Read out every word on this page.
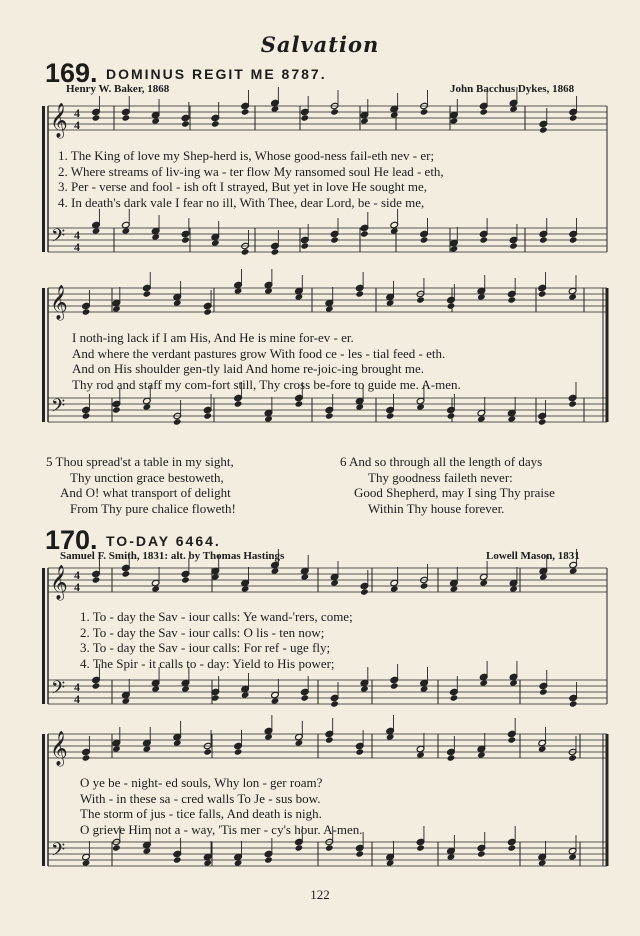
Salvation
169. DOMINUS REGIT ME 8787.
Henry W. Baker, 1868	John Bacchus Dykes, 1868
1. The King of love my Shep-herd is, Whose good-ness fail-eth nev - er;
2. Where streams of liv-ing wa - ter flow My ransomed soul He lead - eth,
3. Per - verse and fool - ish oft I strayed, But yet in love He sought me,
4. In death's dark vale I fear no ill, With Thee, dear Lord, be - side me,
I noth-ing lack if I am His, And He is mine for-ev - er.
And where the verdant pastures grow With food ce - les - tial feed - eth.
And on His shoulder gen-tly laid And home re-joic-ing brought me.
Thy rod and staff my com-fort still, Thy cross be-fore to guide me. A-men.
5 Thou spread'st a table in my sight,
Thy unction grace bestoweth,
And O! what transport of delight
From Thy pure chalice floweth!
6 And so through all the length of days
Thy goodness faileth never:
Good Shepherd, may I sing Thy praise
Within Thy house forever.
170. TO-DAY 6464.
Samuel F. Smith, 1831: alt. by Thomas Hastings	Lowell Mason, 1831
1. To - day the Sav - iour calls: Ye wand-'rers, come;
2. To - day the Sav - iour calls: O lis - ten now;
3. To - day the Sav - iour calls: For ref - uge fly;
4. The Spir - it calls to - day: Yield to His power;
O ye be - night- ed souls, Why lon - ger roam?
With - in these sa - cred walls To Je - sus bow.
The storm of jus - tice falls, And death is nigh.
O grieve Him not a - way, 'Tis mer - cy's hour. A-men.
𝄞
𝄢
4
4
4
4
𝄞
𝄢
𝄞
𝄢
4
4
4
4
𝄞
𝄢
122
